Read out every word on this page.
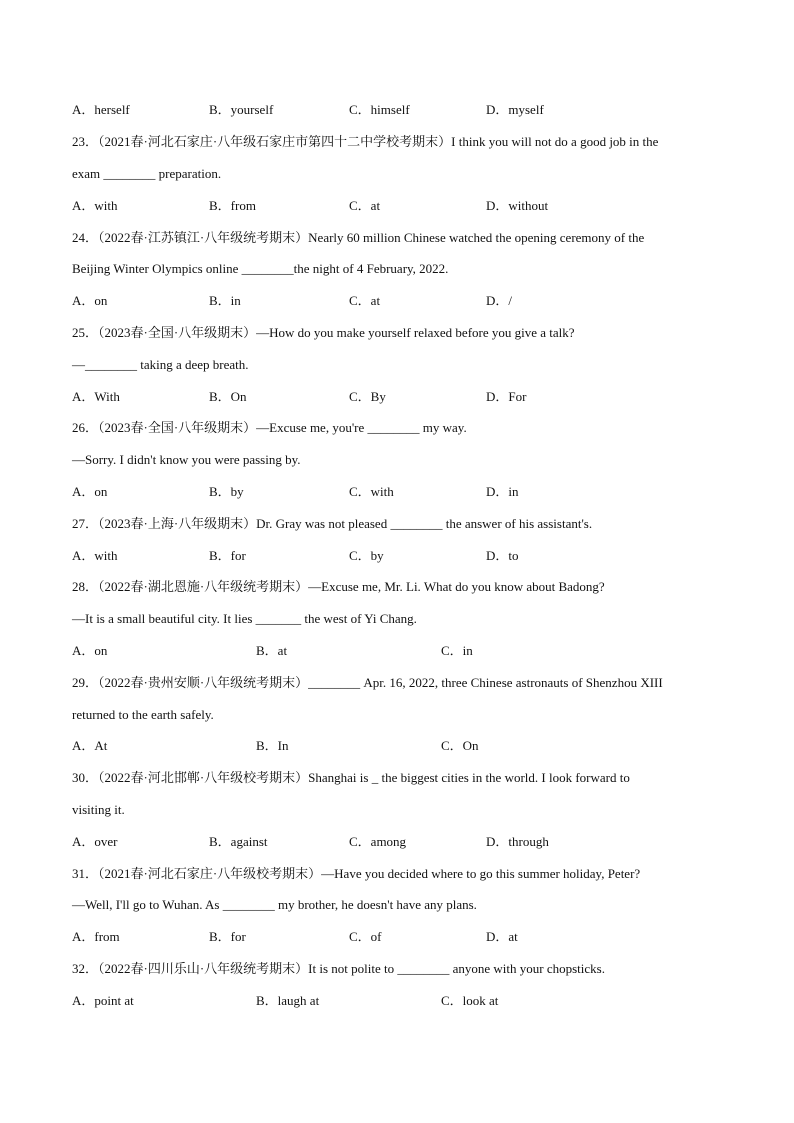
A．herself	B．yourself	C．himself	D．myself
23．（2021春·河北石家庄·八年级石家庄市第四十二中学校考期末）I think you will not do a good job in the
exam ________ preparation.
A．with	B．from	C．at	D．without
24．（2022春·江苏镇江·八年级统考期末）Nearly 60 million Chinese watched the opening ceremony of the
Beijing Winter Olympics online ________the night of 4 February, 2022.
A．on	B．in	C．at	D．/
25．（2023春·全国·八年级期末）—How do you make yourself relaxed before you give a talk?
—________ taking a deep breath.
A．With	B．On	C．By	D．For
26．（2023春·全国·八年级期末）—Excuse me, you're ________ my way.
—Sorry. I didn't know you were passing by.
A．on	B．by	C．with	D．in
27．（2023春·上海·八年级期末）Dr. Gray was not pleased ________ the answer of his assistant's.
A．with	B．for	C．by	D．to
28．（2022春·湖北恩施·八年级统考期末）—Excuse me, Mr. Li. What do you know about Badong?
—It is a small beautiful city. It lies _______ the west of Yi Chang.
A．on	B．at	C．in
29．（2022春·贵州安顺·八年级统考期末）________ Apr. 16, 2022, three Chinese astronauts of Shenzhou XIII
returned to the earth safely.
A．At	B．In	C．On
30．（2022春·河北邯郸·八年级校考期末）Shanghai is _ the biggest cities in the world. I look forward to
visiting it.
A．over	B．against	C．among	D．through
31．（2021春·河北石家庄·八年级校考期末）—Have you decided where to go this summer holiday, Peter?
—Well, I'll go to Wuhan. As ________ my brother, he doesn't have any plans.
A．from	B．for	C．of	D．at
32．（2022春·四川乐山·八年级统考期末）It is not polite to ________ anyone with your chopsticks.
A．point at	B．laugh at	C．look at
